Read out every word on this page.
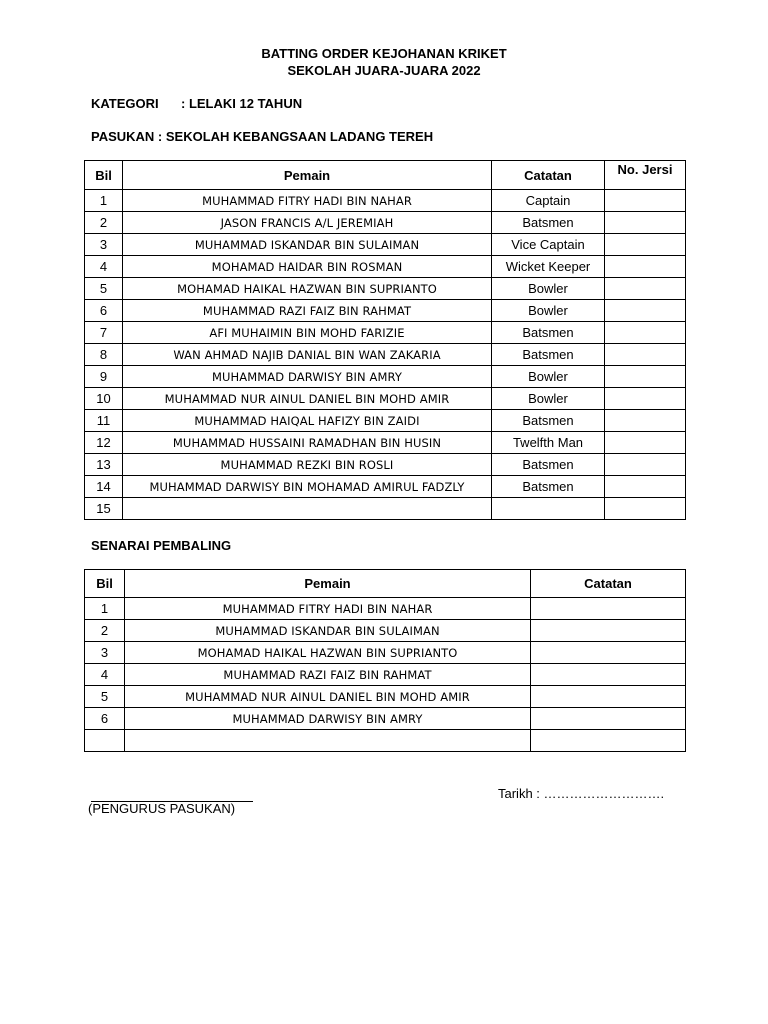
BATTING ORDER KEJOHANAN KRIKET
SEKOLAH JUARA-JUARA 2022
KATEGORI : LELAKI 12 TAHUN
PASUKAN : SEKOLAH KEBANGSAAN LADANG TEREH
Bil	Pemain	Catatan	No. Jersi
1	MUHAMMAD FITRY HADI BIN NAHAR	Captain	
2	JASON FRANCIS A/L JEREMIAH	Batsmen	
3	MUHAMMAD ISKANDAR BIN SULAIMAN	Vice Captain	
4	MOHAMAD HAIDAR BIN ROSMAN	Wicket Keeper	
5	MOHAMAD HAIKAL HAZWAN BIN SUPRIANTO	Bowler	
6	MUHAMMAD RAZI FAIZ BIN RAHMAT	Bowler	
7	AFI MUHAIMIN BIN MOHD FARIZIE	Batsmen	
8	WAN AHMAD NAJIB DANIAL BIN WAN ZAKARIA	Batsmen	
9	MUHAMMAD DARWISY BIN AMRY	Bowler	
10	MUHAMMAD NUR AINUL DANIEL BIN MOHD AMIR	Bowler	
11	MUHAMMAD HAIQAL HAFIZY BIN ZAIDI	Batsmen	
12	MUHAMMAD HUSSAINI RAMADHAN BIN HUSIN	Twelfth Man	
13	MUHAMMAD REZKI BIN ROSLI	Batsmen	
14	MUHAMMAD DARWISY BIN MOHAMAD AMIRUL FADZLY	Batsmen	
15			
SENARAI PEMBALING
Bil	Pemain	Catatan
1	MUHAMMAD FITRY HADI BIN NAHAR	
2	MUHAMMAD ISKANDAR BIN SULAIMAN	
3	MOHAMAD HAIKAL HAZWAN BIN SUPRIANTO	
4	MUHAMMAD RAZI FAIZ BIN RAHMAT	
5	MUHAMMAD NUR AINUL DANIEL BIN MOHD AMIR	
6	MUHAMMAD DARWISY BIN AMRY	

(PENGURUS PASUKAN)
Tarikh : ……………………….
